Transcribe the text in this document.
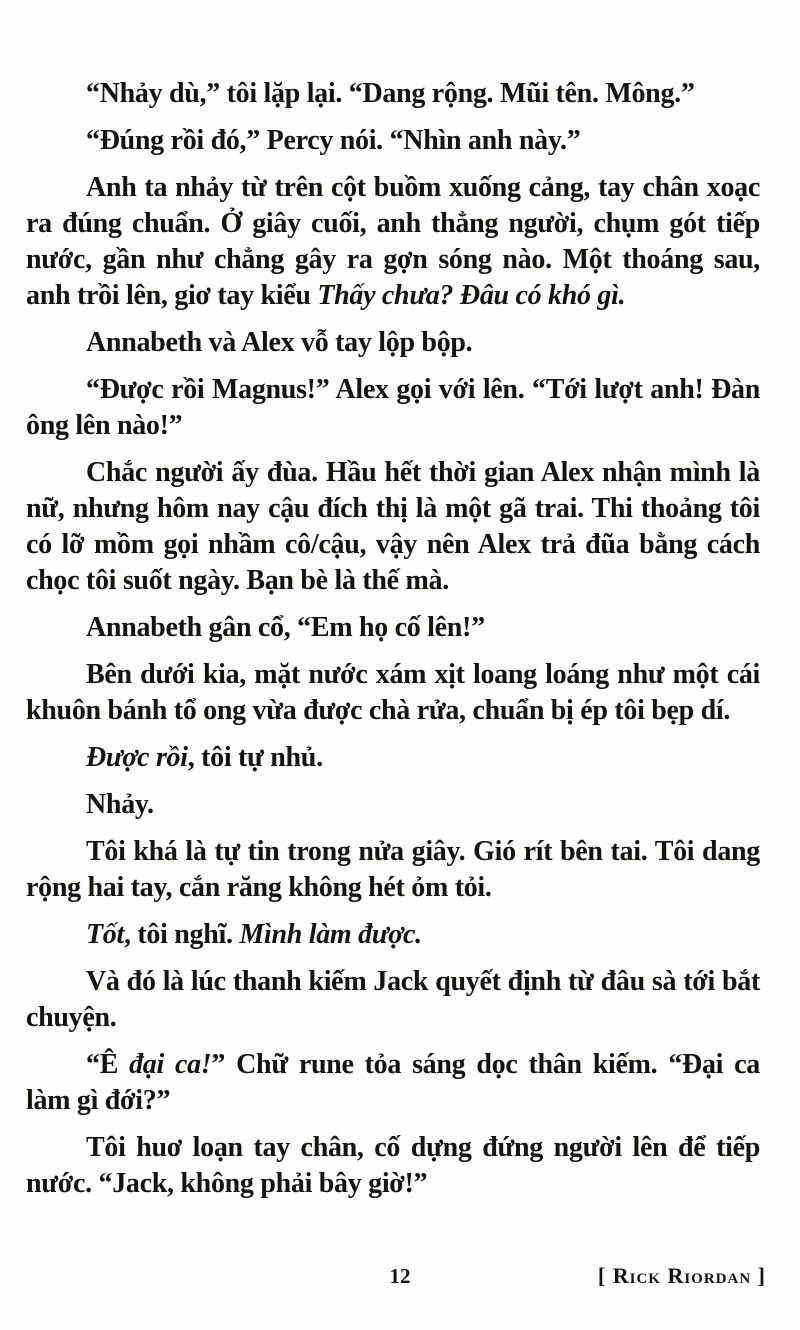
“Nhảy dù,” tôi lặp lại. “Dang rộng. Mũi tên. Mông.”

“Đúng rồi đó,” Percy nói. “Nhìn anh này.”

Anh ta nhảy từ trên cột buồm xuống cảng, tay chân xoạc ra đúng chuẩn. Ở giây cuối, anh thẳng người, chụm gót tiếp nước, gần như chẳng gây ra gợn sóng nào. Một thoáng sau, anh trồi lên, giơ tay kiểu Thấy chưa? Đâu có khó gì.

Annabeth và Alex vỗ tay lộp bộp.

“Được rồi Magnus!” Alex gọi với lên. “Tới lượt anh! Đàn ông lên nào!”

Chắc người ấy đùa. Hầu hết thời gian Alex nhận mình là nữ, nhưng hôm nay cậu đích thị là một gã trai. Thi thoảng tôi có lỡ mồm gọi nhầm cô/cậu, vậy nên Alex trả đũa bằng cách chọc tôi suốt ngày. Bạn bè là thế mà.

Annabeth gân cổ, “Em họ cố lên!”

Bên dưới kia, mặt nước xám xịt loang loáng như một cái khuôn bánh tổ ong vừa được chà rửa, chuẩn bị ép tôi bẹp dí.

Được rồi, tôi tự nhủ.

Nhảy.

Tôi khá là tự tin trong nửa giây. Gió rít bên tai. Tôi dang rộng hai tay, cắn răng không hét ỏm tỏi.

Tốt, tôi nghĩ. Mình làm được.

Và đó là lúc thanh kiếm Jack quyết định từ đâu sà tới bắt chuyện.

“Ê đại ca!” Chữ rune tỏa sáng dọc thân kiếm. “Đại ca làm gì đới?”

Tôi huơ loạn tay chân, cố dựng đứng người lên để tiếp nước. “Jack, không phải bây giờ!”

12	[ Rick Riordan ]
